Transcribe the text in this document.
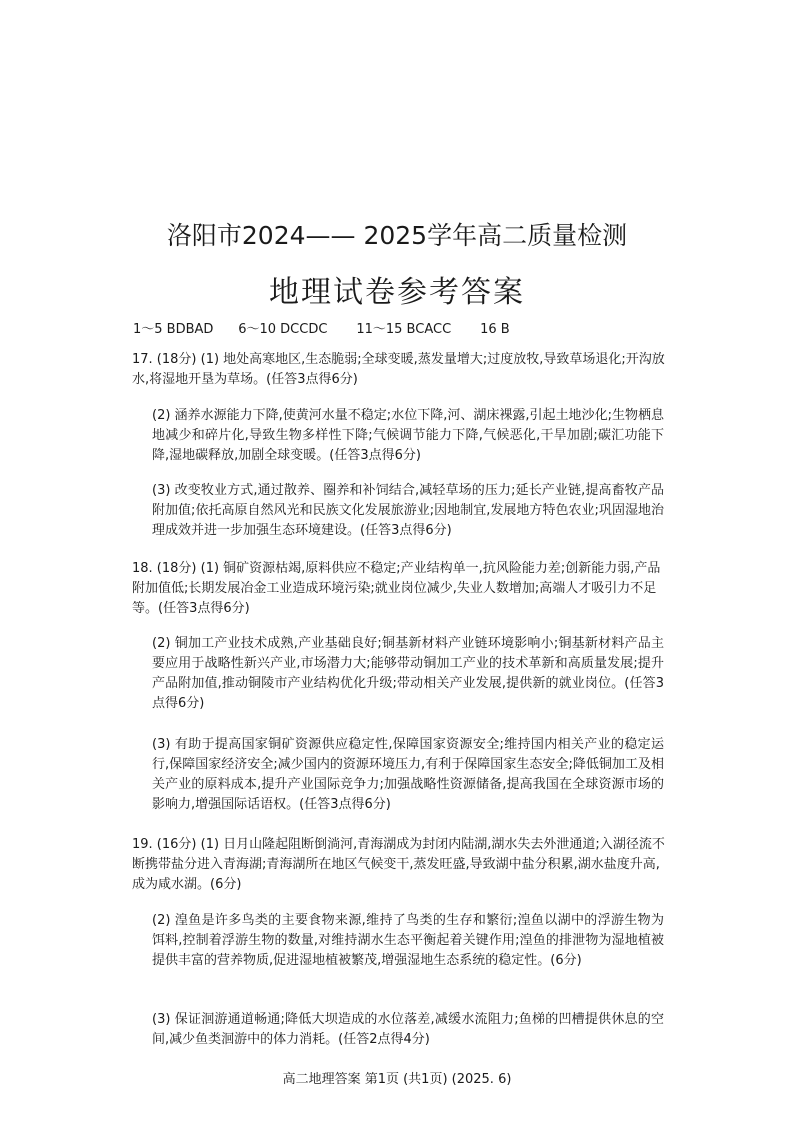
洛阳市2024—— 2025学年高二质量检测
地理试卷参考答案
1～5 BDBAD      6～10 DCCDC       11～15 BCACC       16 B
17. (18分) (1) 地处高寒地区,生态脆弱;全球变暖,蒸发量增大;过度放牧,导致草场退化;开沟放水,将湿地开垦为草场。(任答3点得6分)
(2) 涵养水源能力下降,使黄河水量不稳定;水位下降,河、湖床裸露,引起土地沙化;生物栖息地减少和碎片化,导致生物多样性下降;气候调节能力下降,气候恶化,干旱加剧;碳汇功能下降,湿地碳释放,加剧全球变暖。(任答3点得6分)
(3) 改变牧业方式,通过散养、圈养和补饲结合,减轻草场的压力;延长产业链,提高畜牧产品附加值;依托高原自然风光和民族文化发展旅游业;因地制宜,发展地方特色农业;巩固湿地治理成效并进一步加强生态环境建设。(任答3点得6分)
18. (18分) (1) 铜矿资源枯竭,原料供应不稳定;产业结构单一,抗风险能力差;创新能力弱,产品附加值低;长期发展冶金工业造成环境污染;就业岗位减少,失业人数增加;高端人才吸引力不足等。(任答3点得6分)
(2) 铜加工产业技术成熟,产业基础良好;铜基新材料产业链环境影响小;铜基新材料产品主要应用于战略性新兴产业,市场潜力大;能够带动铜加工产业的技术革新和高质量发展;提升产品附加值,推动铜陵市产业结构优化升级;带动相关产业发展,提供新的就业岗位。(任答3点得6分)
(3) 有助于提高国家铜矿资源供应稳定性,保障国家资源安全;维持国内相关产业的稳定运行,保障国家经济安全;减少国内的资源环境压力,有利于保障国家生态安全;降低铜加工及相关产业的原料成本,提升产业国际竞争力;加强战略性资源储备,提高我国在全球资源市场的影响力,增强国际话语权。(任答3点得6分)
19. (16分) (1) 日月山隆起阻断倒淌河,青海湖成为封闭内陆湖,湖水失去外泄通道;入湖径流不断携带盐分进入青海湖;青海湖所在地区气候变干,蒸发旺盛,导致湖中盐分积累,湖水盐度升高,成为咸水湖。(6分)
(2) 湟鱼是许多鸟类的主要食物来源,维持了鸟类的生存和繁衍;湟鱼以湖中的浮游生物为饵料,控制着浮游生物的数量,对维持湖水生态平衡起着关键作用;湟鱼的排泄物为湿地植被提供丰富的营养物质,促进湿地植被繁茂,增强湿地生态系统的稳定性。(6分)
(3) 保证洄游通道畅通;降低大坝造成的水位落差,减缓水流阻力;鱼梯的凹槽提供休息的空间,减少鱼类洄游中的体力消耗。(任答2点得4分)
高二地理答案 第1页 (共1页) (2025. 6)
